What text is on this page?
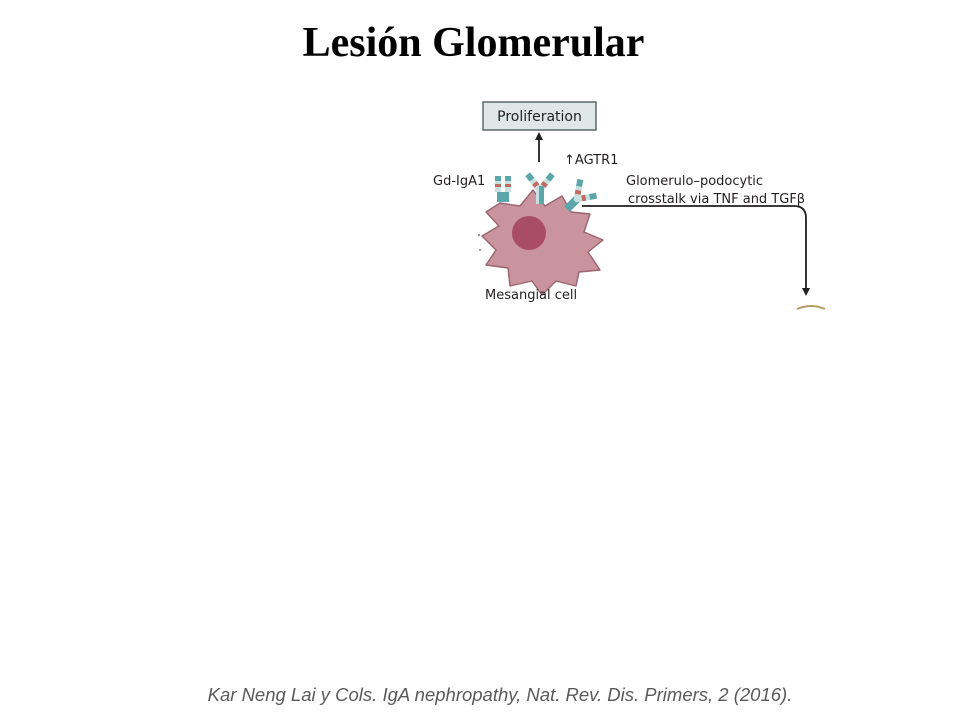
Lesión Glomerular
Proliferation
↑AGTR1
Gd-IgA1	Glomerulo–podocytic
crosstalk via TNF and TGFβ
Mesangial cell
Kar Neng Lai y Cols. IgA nephropathy, Nat. Rev. Dis. Primers, 2 (2016).
